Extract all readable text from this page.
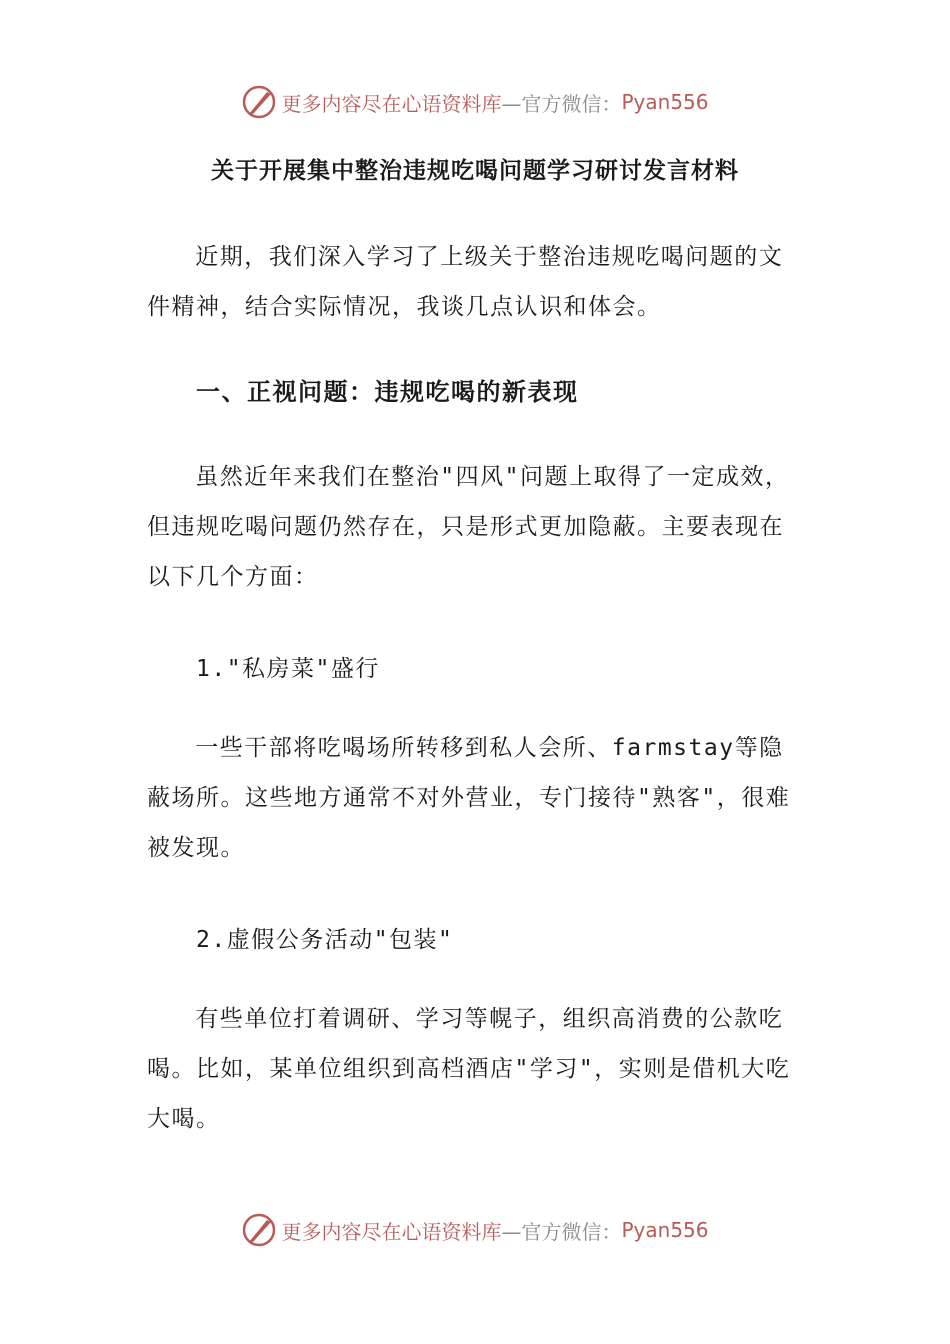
更多内容尽在心语资料库 —官方微信： Pyan556
关于开展集中整治违规吃喝问题学习研讨发言材料

近期，我们深入学习了上级关于整治违规吃喝问题的文件精神，结合实际情况，我谈几点认识和体会。

一、正视问题：违规吃喝的新表现

虽然近年来我们在整治"四风"问题上取得了一定成效，但违规吃喝问题仍然存在，只是形式更加隐蔽。主要表现在以下几个方面：

1."私房菜"盛行

一些干部将吃喝场所转移到私人会所、farmstay等隐蔽场所。这些地方通常不对外营业，专门接待"熟客"，很难被发现。

2.虚假公务活动"包装"

有些单位打着调研、学习等幌子，组织高消费的公款吃喝。比如，某单位组织到高档酒店"学习"，实则是借机大吃大喝。

更多内容尽在心语资料库 —官方微信： Pyan556
